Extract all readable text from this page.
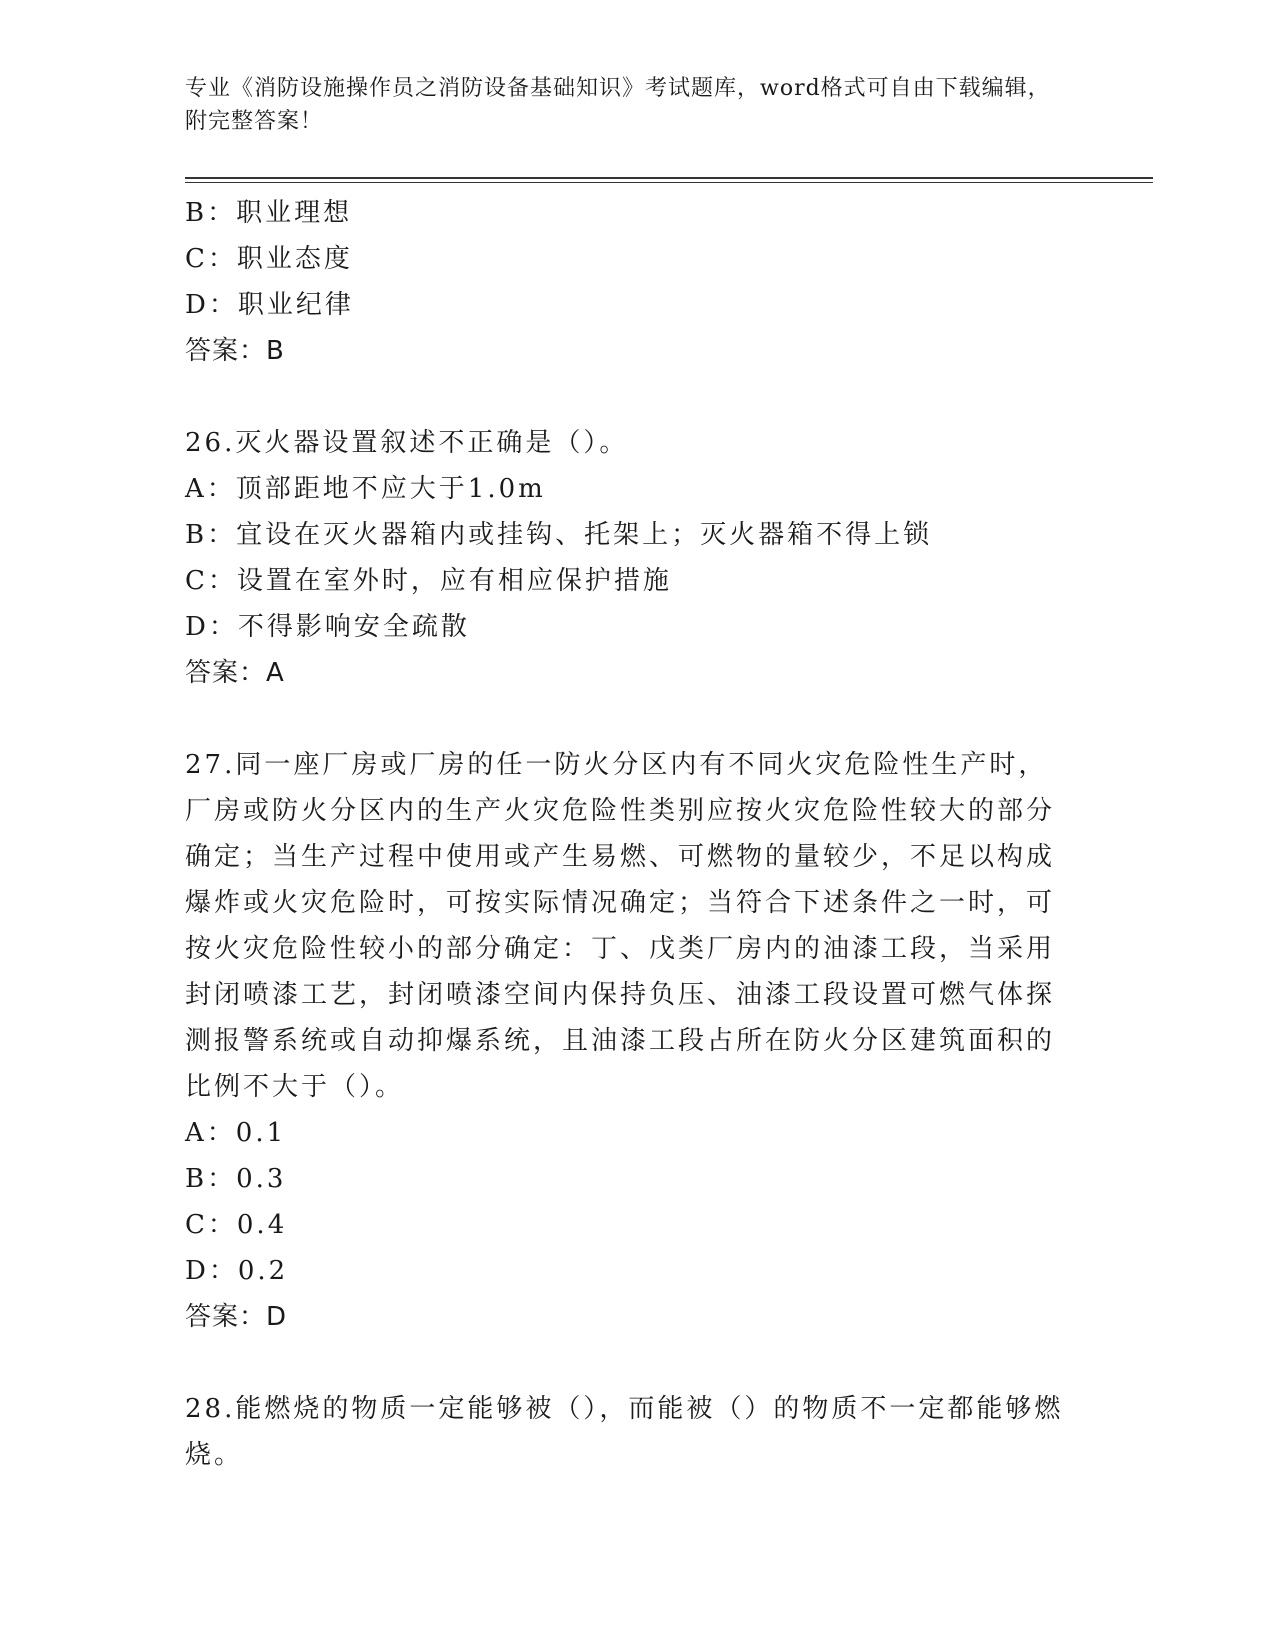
专业《消防设施操作员之消防设备基础知识》考试题库，word格式可自由下载编辑，附完整答案！
B：职业理想
C：职业态度
D：职业纪律
答案：B
26.灭火器设置叙述不正确是（）。
A：顶部距地不应大于1.0m
B：宜设在灭火器箱内或挂钩、托架上；灭火器箱不得上锁
C：设置在室外时，应有相应保护措施
D：不得影响安全疏散
答案：A
27.同一座厂房或厂房的任一防火分区内有不同火灾危险性生产时，厂房或防火分区内的生产火灾危险性类别应按火灾危险性较大的部分确定；当生产过程中使用或产生易燃、可燃物的量较少，不足以构成爆炸或火灾危险时，可按实际情况确定；当符合下述条件之一时，可按火灾危险性较小的部分确定：丁、戊类厂房内的油漆工段，当采用封闭喷漆工艺，封闭喷漆空间内保持负压、油漆工段设置可燃气体探测报警系统或自动抑爆系统，且油漆工段占所在防火分区建筑面积的比例不大于（）。
A：0.1
B：0.3
C：0.4
D：0.2
答案：D
28.能燃烧的物质一定能够被（），而能被（）的物质不一定都能够燃烧。
